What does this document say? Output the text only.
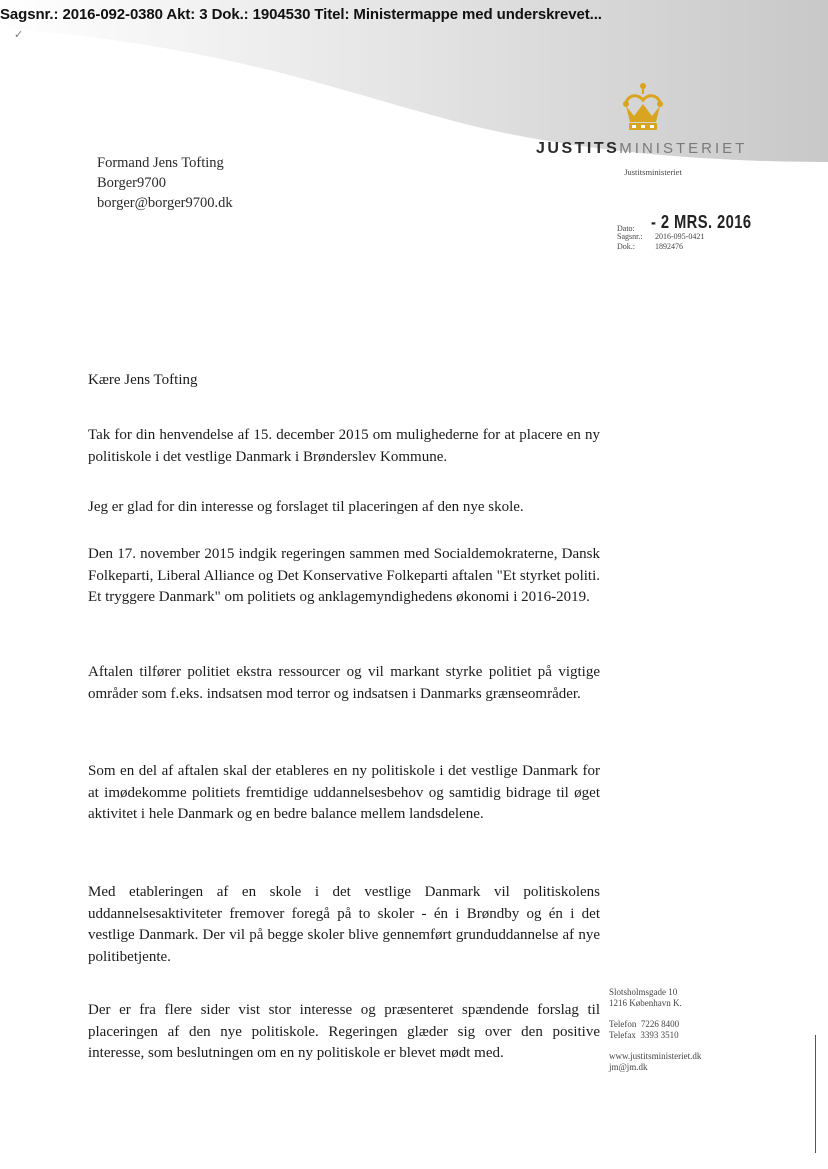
Sagsnr.: 2016-092-0380 Akt: 3 Dok.: 1904530 Titel: Ministermappe med underskrevet...
✓
JUSTITSMINISTERIET
Justitsministeriet
Formand Jens Tofting
Borger9700
borger@borger9700.dk
Dato: - 2 MRS. 2016
Sagsnr.: 2016-095-0421
Dok.:	1892476

Kære Jens Tofting

Tak for din henvendelse af 15. december 2015 om mulighederne for at placere en ny politiskole i det vestlige Danmark i Brønderslev Kommune.

Jeg er glad for din interesse og forslaget til placeringen af den nye skole.

Den 17. november 2015 indgik regeringen sammen med Socialdemokraterne, Dansk Folkeparti, Liberal Alliance og Det Konservative Folkeparti aftalen "Et styrket politi. Et tryggere Danmark" om politiets og anklagemyndighedens økonomi i 2016-2019.

Aftalen tilfører politiet ekstra ressourcer og vil markant styrke politiet på vigtige områder som f.eks. indsatsen mod terror og indsatsen i Danmarks grænseområder.

Som en del af aftalen skal der etableres en ny politiskole i det vestlige Danmark for at imødekomme politiets fremtidige uddannelsesbehov og samtidig bidrage til øget aktivitet i hele Danmark og en bedre balance mellem landsdelene.

Med etableringen af en skole i det vestlige Danmark vil politiskolens uddannelsesaktiviteter fremover foregå på to skoler - én i Brøndby og én i det vestlige Danmark. Der vil på begge skoler blive gennemført grunduddannelse af nye politibetjente.

Der er fra flere sider vist stor interesse og præsenteret spændende forslag til placeringen af den nye politiskole. Regeringen glæder sig over den positive interesse, som beslutningen om en ny politiskole er blevet mødt med.

Slotsholmsgade 10
1216 København K.
Telefon 7226 8400
Telefax 3393 3510
www.justitsministeriet.dk
jm@jm.dk
